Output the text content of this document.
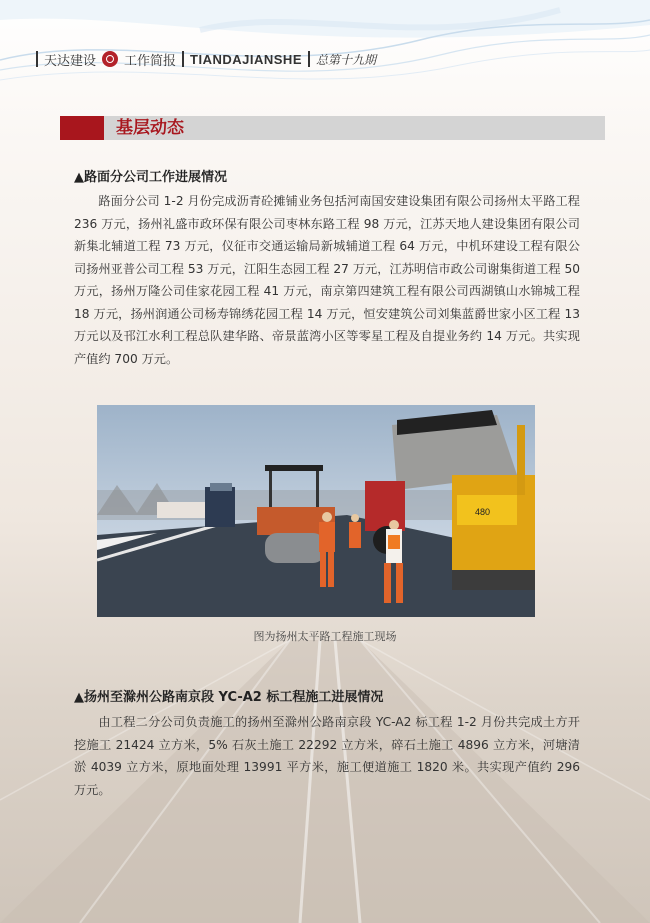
天达建设 工作简报 TIANDAJIANSHE 总第十九期
基层动态
▲路面分公司工作进展情况

路面分公司 1-2 月份完成沥青砼摊铺业务包括河南国安建设集团有限公司扬州太平路工程 236 万元，扬州礼盛市政环保有限公司枣林东路工程 98 万元，江苏天地人建设集团有限公司新集北辅道工程 73 万元，仪征市交通运输局新城辅道工程 64 万元，中机环建设工程有限公司扬州亚普公司工程 53 万元，江阳生态园工程 27 万元，江苏明信市政公司谢集街道工程 50 万元，扬州万隆公司佳家花园工程 41 万元，南京第四建筑工程有限公司西湖镇山水锦城工程 18 万元，扬州润通公司杨寿锦绣花园工程 14 万元，恒安建筑公司刘集蓝爵世家小区工程 13 万元以及邗江水利工程总队建华路、帝景蓝湾小区等零星工程及自提业务约 14 万元。共实现产值约 700 万元。

480
图为扬州太平路工程施工现场
▲扬州至滁州公路南京段 YC-A2 标工程施工进展情况

由工程二分公司负责施工的扬州至滁州公路南京段 YC-A2 标工程 1-2 月份共完成土方开挖施工 21424 立方米，5% 石灰土施工 22292 立方米，碎石土施工 4896 立方米，河塘清淤 4039 立方米，原地面处理 13991 平方米，施工便道施工 1820 米。共实现产值约 296 万元。
